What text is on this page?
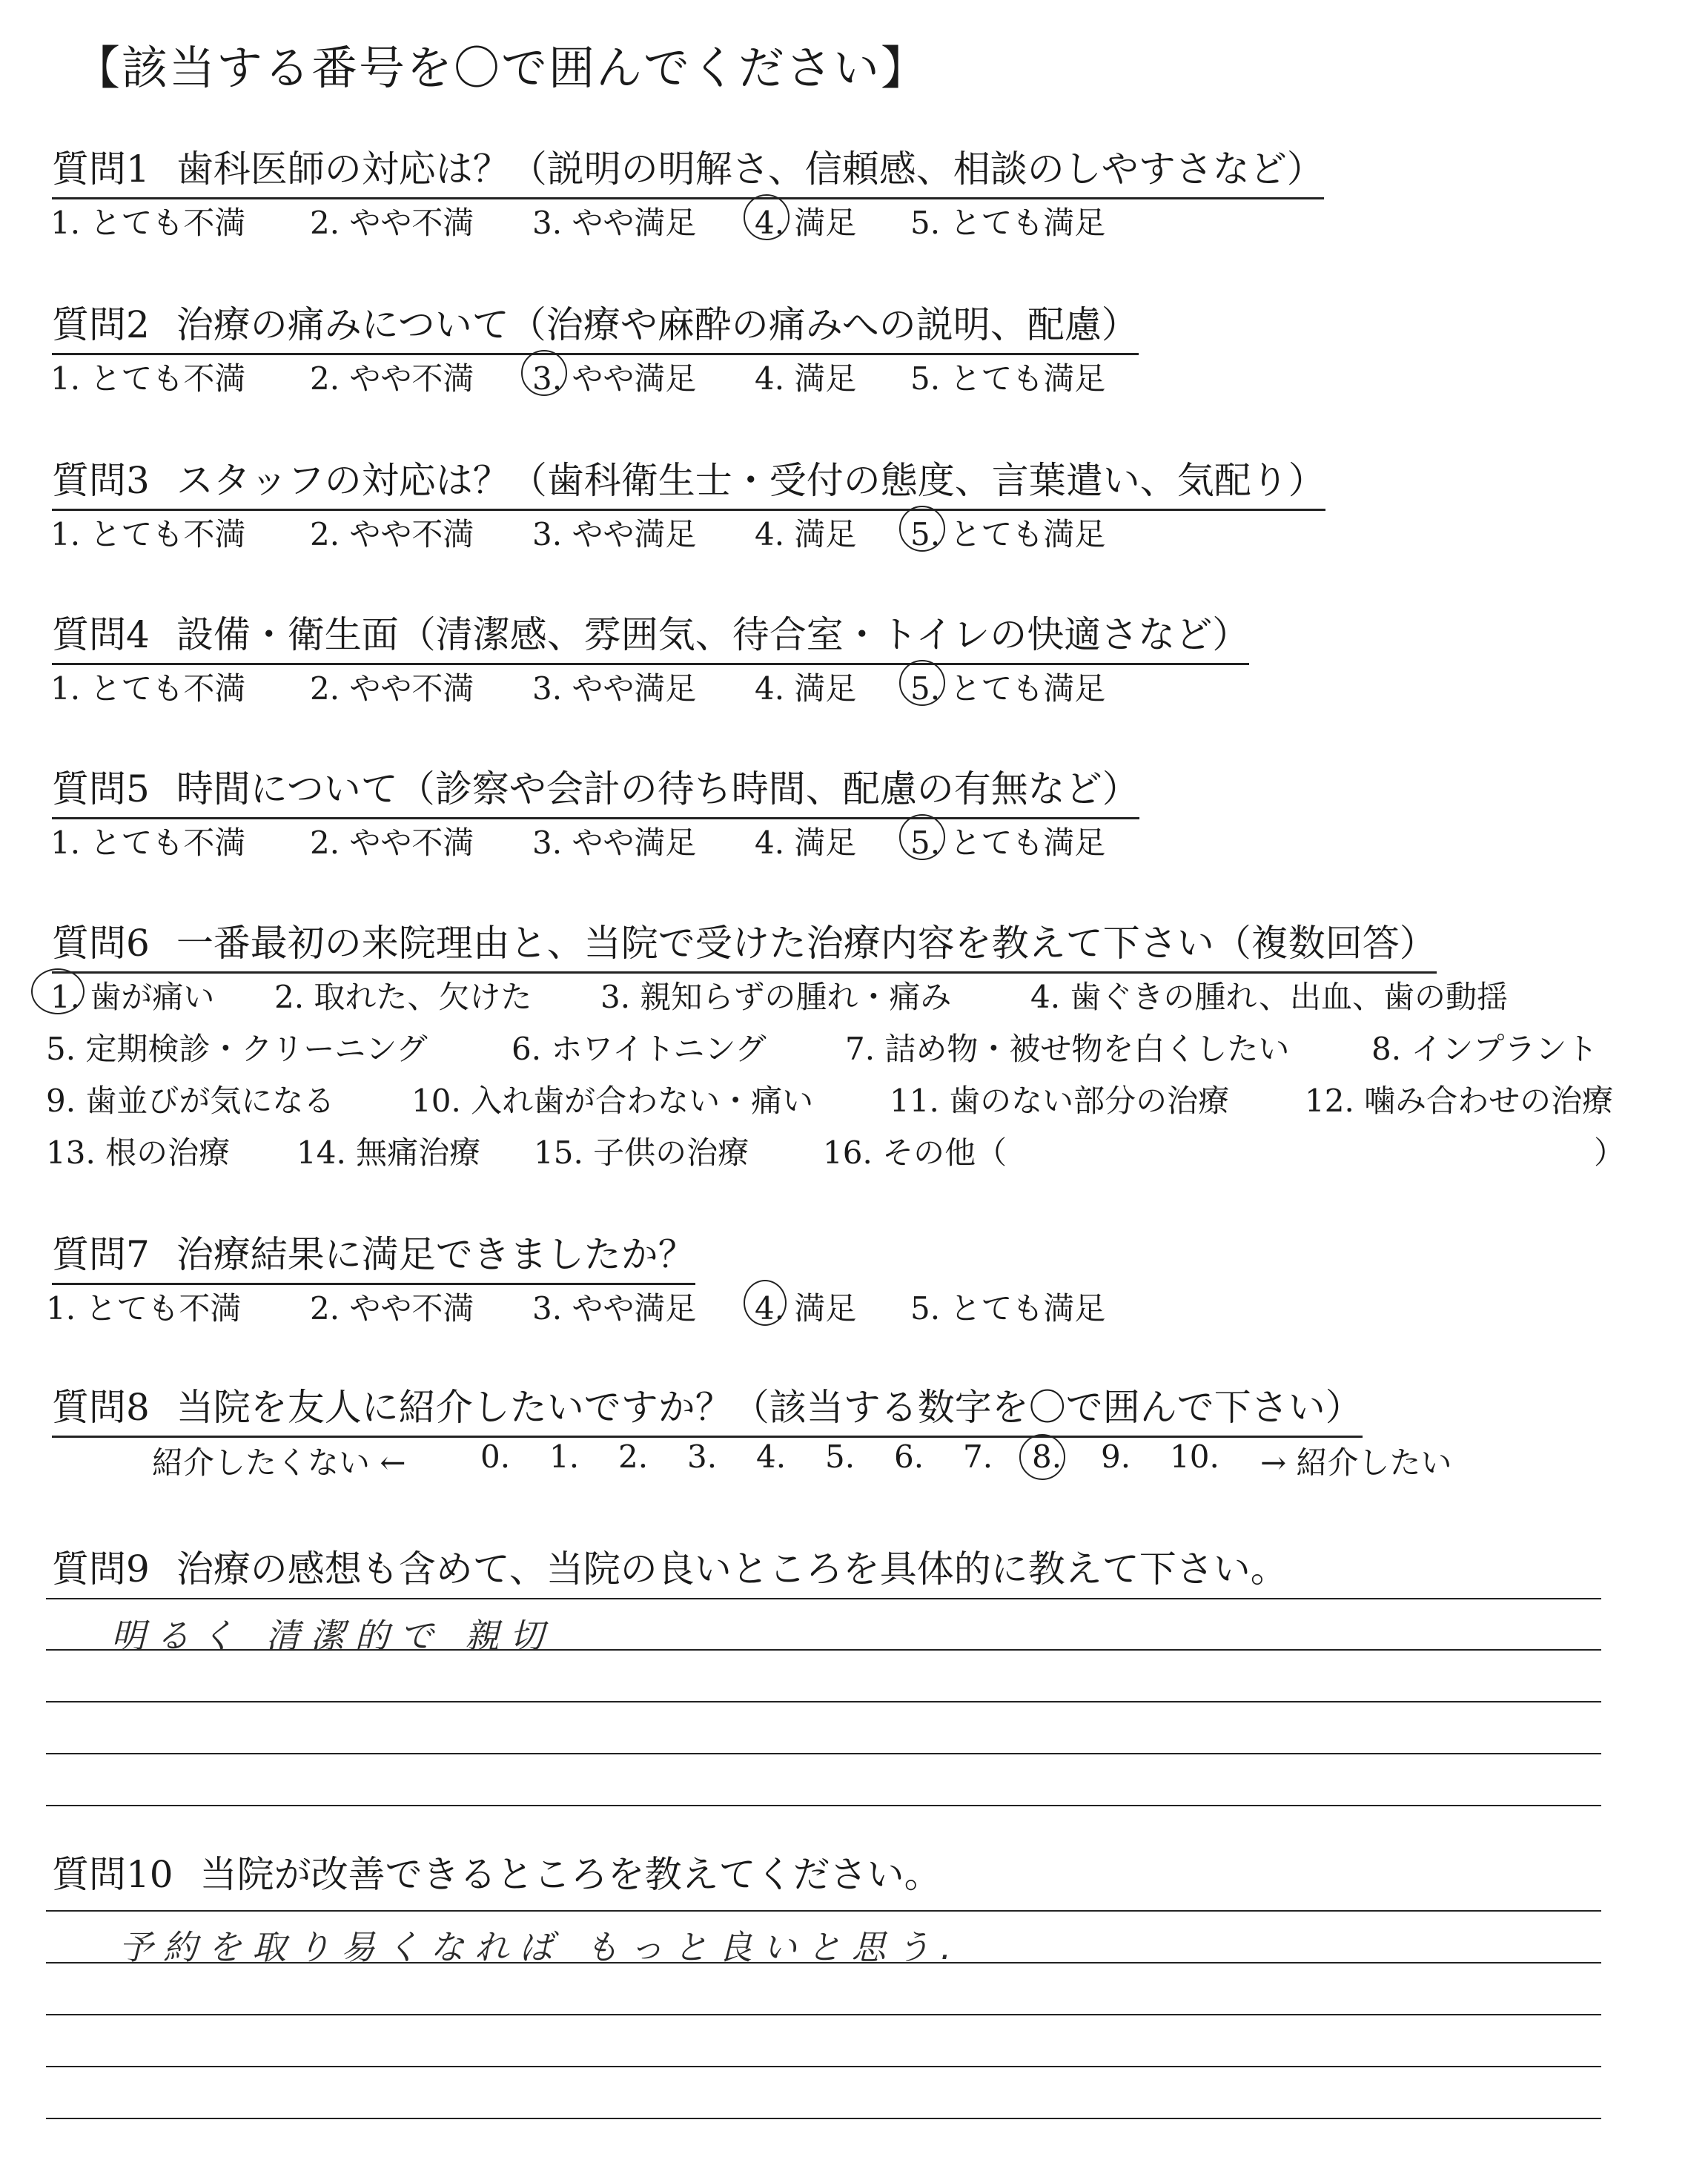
【該当する番号を〇で囲んでください】
質問1 歯科医師の対応は？（説明の明解さ、信頼感、相談のしやすさなど）
1. とても不満 2. やや不満 3. やや満足 4. 満足 5. とても満足
質問2 治療の痛みについて（治療や麻酔の痛みへの説明、配慮）
1. とても不満 2. やや不満 3. やや満足 4. 満足 5. とても満足
質問3 スタッフの対応は？（歯科衛生士・受付の態度、言葉遣い、気配り）
1. とても不満 2. やや不満 3. やや満足 4. 満足 5. とても満足
質問4 設備・衛生面（清潔感、雰囲気、待合室・トイレの快適さなど）
1. とても不満 2. やや不満 3. やや満足 4. 満足 5. とても満足
質問5 時間について（診察や会計の待ち時間、配慮の有無など）
1. とても不満 2. やや不満 3. やや満足 4. 満足 5. とても満足
質問6 一番最初の来院理由と、当院で受けた治療内容を教えて下さい（複数回答）
1. 歯が痛い 2. 取れた、欠けた 3. 親知らずの腫れ・痛み	4. 歯ぐきの腫れ、出血、歯の動揺
5. 定期検診・クリーニング	6. ホワイトニング	7. 詰め物・被せ物を白くしたい	8. インプラント
9. 歯並びが気になる 10. 入れ歯が合わない・痛い 11. 歯のない部分の治療 12. 噛み合わせの治療
13. 根の治療 14. 無痛治療 15. 子供の治療 16. その他（	）
質問7 治療結果に満足できましたか？
1. とても不満 2. やや不満 3. やや満足 4. 満足 5. とても満足
質問8 当院を友人に紹介したいですか？（該当する数字を〇で囲んで下さい）
紹介したくない ← 0. 1. 2. 3. 4. 5. 6. 7. 8. 9. 10. → 紹介したい
質問9 治療の感想も含めて、当院の良いところを具体的に教えて下さい。
明るく 清潔的で 親切
質問10 当院が改善できるところを教えてください。
予約を取り易くなれば もっと良いと思う.
